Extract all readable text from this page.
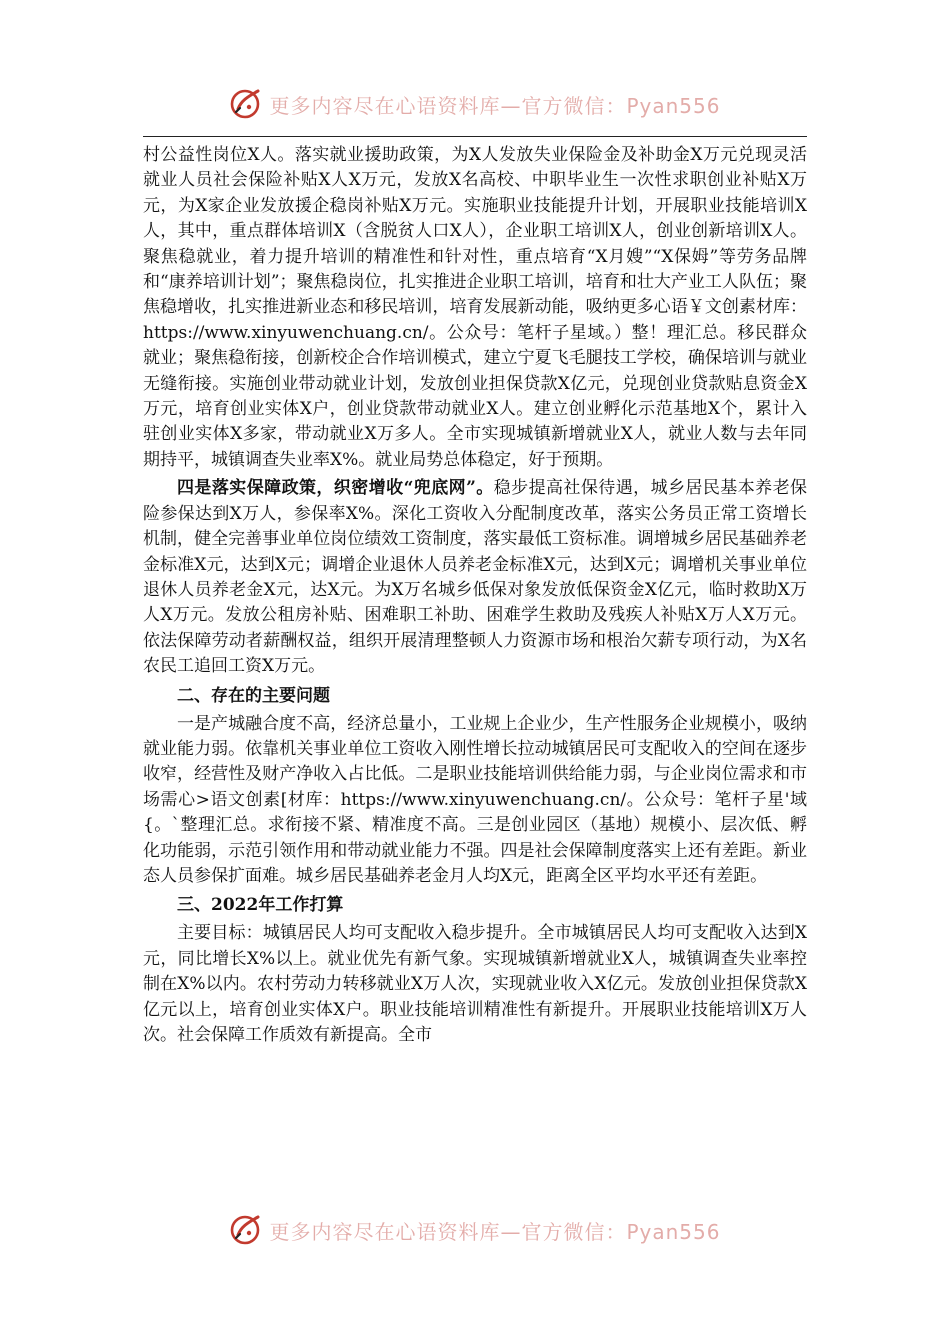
更多内容尽在心语资料库—官方微信：Pyan556

村公益性岗位X人。落实就业援助政策，为X人发放失业保险金及补助金X万元兑现灵活就业人员社会保险补贴X人X万元，发放X名高校、中职毕业生一次性求职创业补贴X万元，为X家企业发放援企稳岗补贴X万元。实施职业技能提升计划，开展职业技能培训X人，其中，重点群体培训X（含脱贫人口X人），企业职工培训X人，创业创新培训X人。聚焦稳就业，着力提升培训的精准性和针对性，重点培育“X月嫂”“X保姆”等劳务品牌和“康养培训计划”；聚焦稳岗位，扎实推进企业职工培训，培育和壮大产业工人队伍；聚焦稳增收，扎实推进新业态和移民培训，培育发展新动能，吸纳更多心语￥文创素材库：https://www.xinyuwenchuang.cn/。公众号：笔杆子星域。）整！理汇总。移民群众就业；聚焦稳衔接，创新校企合作培训模式，建立宁夏飞毛腿技工学校，确保培训与就业无缝衔接。实施创业带动就业计划，发放创业担保贷款X亿元，兑现创业贷款贴息资金X万元，培育创业实体X户，创业贷款带动就业X人。建立创业孵化示范基地X个，累计入驻创业实体X多家，带动就业X万多人。全市实现城镇新增就业X人，就业人数与去年同期持平，城镇调查失业率X%。就业局势总体稳定，好于预期。

四是落实保障政策，织密增收“兜底网”。稳步提高社保待遇，城乡居民基本养老保险参保达到X万人，参保率X%。深化工资收入分配制度改革，落实公务员正常工资增长机制，健全完善事业单位岗位绩效工资制度，落实最低工资标准。调增城乡居民基础养老金标准X元，达到X元；调增企业退休人员养老金标准X元，达到X元；调增机关事业单位退休人员养老金X元，达X元。为X万名城乡低保对象发放低保资金X亿元，临时救助X万人X万元。发放公租房补贴、困难职工补助、困难学生救助及残疾人补贴X万人X万元。依法保障劳动者薪酬权益，组织开展清理整顿人力资源市场和根治欠薪专项行动，为X名农民工追回工资X万元。

二、存在的主要问题

一是产城融合度不高，经济总量小，工业规上企业少，生产性服务企业规模小，吸纳就业能力弱。依靠机关事业单位工资收入刚性增长拉动城镇居民可支配收入的空间在逐步收窄，经营性及财产净收入占比低。二是职业技能培训供给能力弱，与企业岗位需求和市场需心>语文创素[材库：https://www.xinyuwenchuang.cn/。公众号：笔杆子星'域{。`整理汇总。求衔接不紧、精准度不高。三是创业园区（基地）规模小、层次低、孵化功能弱，示范引领作用和带动就业能力不强。四是社会保障制度落实上还有差距。新业态人员参保扩面难。城乡居民基础养老金月人均X元，距离全区平均水平还有差距。

三、2022年工作打算

主要目标：城镇居民人均可支配收入稳步提升。全市城镇居民人均可支配收入达到X元，同比增长X%以上。就业优先有新气象。实现城镇新增就业X人，城镇调查失业率控制在X%以内。农村劳动力转移就业X万人次，实现就业收入X亿元。发放创业担保贷款X亿元以上，培育创业实体X户。职业技能培训精准性有新提升。开展职业技能培训X万人次。社会保障工作质效有新提高。全市

更多内容尽在心语资料库—官方微信：Pyan556
